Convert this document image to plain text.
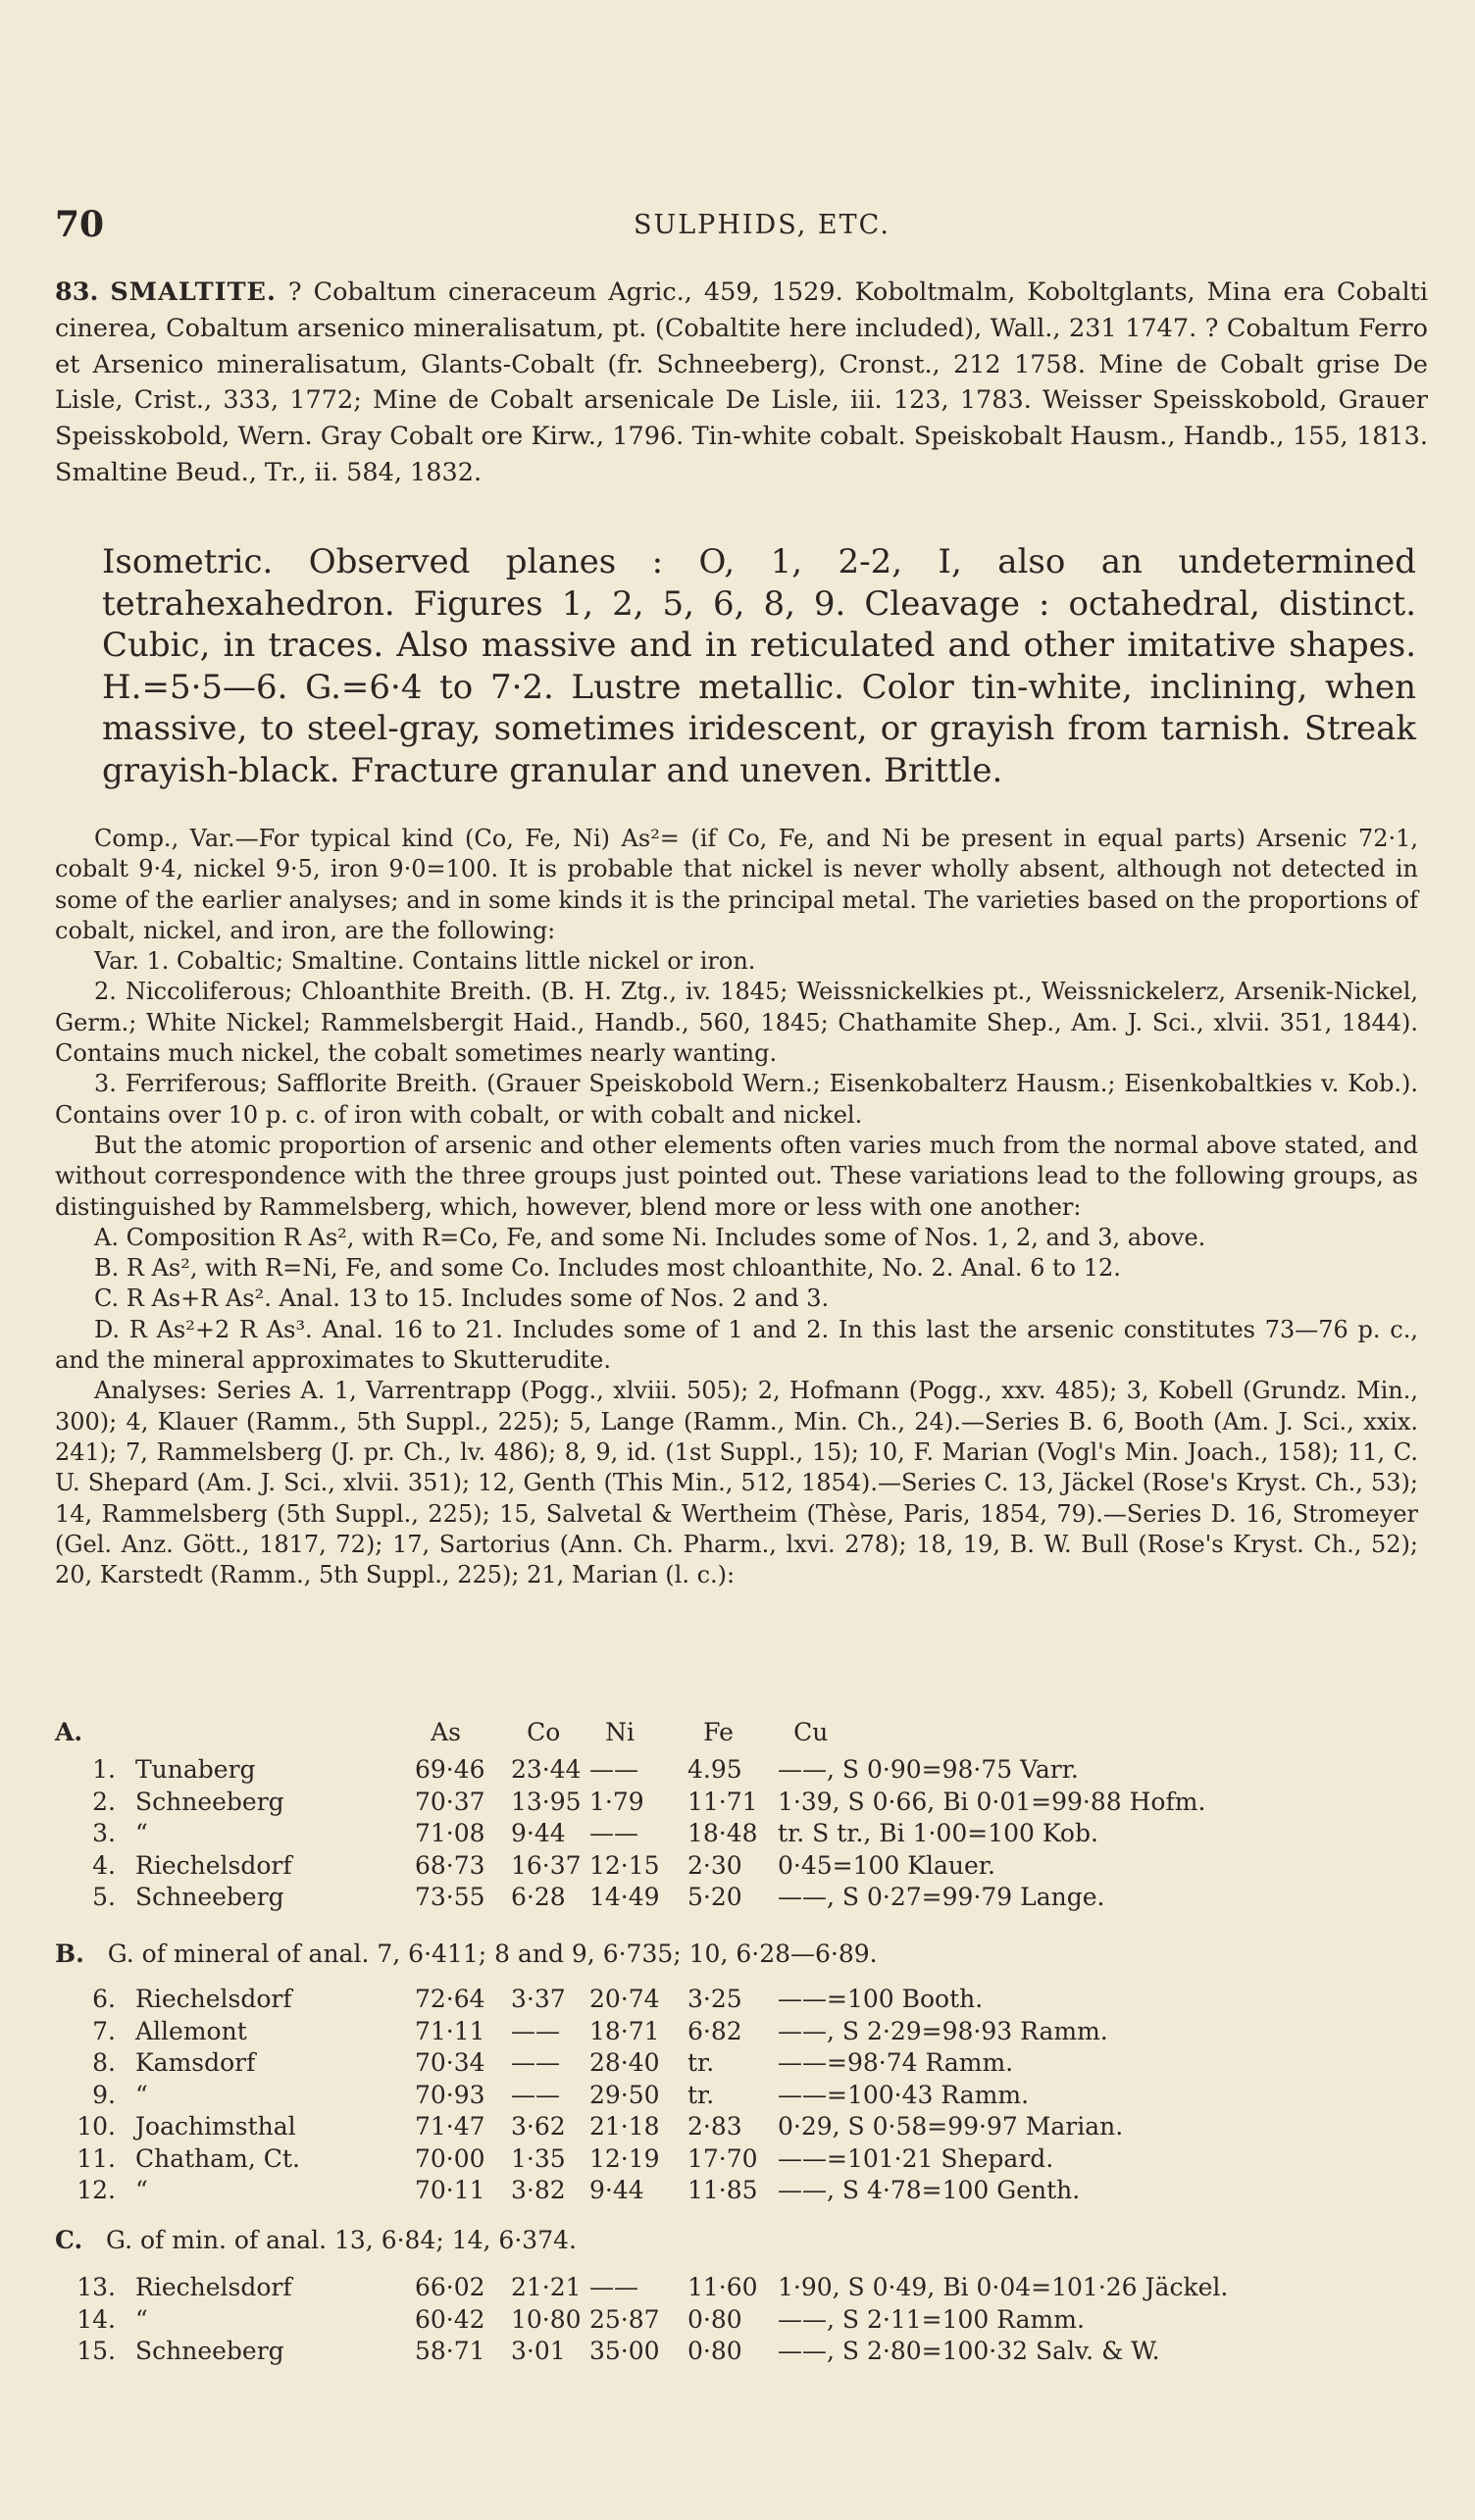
70	SULPHIDS, ETC.
83. SMALTITE. ? Cobaltum cineraceum Agric., 459, 1529. Koboltmalm, Koboltglants, Mina era Cobalti cinerea, Cobaltum arsenico mineralisatum, pt. (Cobaltite here included), Wall., 231 1747. ? Cobaltum Ferro et Arsenico mineralisatum, Glants-Cobalt (fr. Schneeberg), Cronst., 212 1758. Mine de Cobalt grise De Lisle, Crist., 333, 1772; Mine de Cobalt arsenicale De Lisle, iii. 123, 1783. Weisser Speisskobold, Grauer Speisskobold, Wern. Gray Cobalt ore Kirw., 1796. Tin-white cobalt. Speiskobalt Hausm., Handb., 155, 1813. Smaltine Beud., Tr., ii. 584, 1832.
Isometric. Observed planes : O, 1, 2-2, I, also an undetermined tetrahexahedron. Figures 1, 2, 5, 6, 8, 9. Cleavage : octahedral, distinct. Cubic, in traces. Also massive and in reticulated and other imitative shapes. H.=5·5—6. G.=6·4 to 7·2. Lustre metallic. Color tin-white, inclining, when massive, to steel-gray, sometimes iridescent, or grayish from tarnish. Streak grayish-black. Fracture granular and uneven. Brittle.

Comp., Var.—For typical kind (Co, Fe, Ni) As²= (if Co, Fe, and Ni be present in equal parts) Arsenic 72·1, cobalt 9·4, nickel 9·5, iron 9·0=100. It is probable that nickel is never wholly absent, although not detected in some of the earlier analyses; and in some kinds it is the principal metal. The varieties based on the proportions of cobalt, nickel, and iron, are the following:

Var. 1. Cobaltic; Smaltine. Contains little nickel or iron.

2. Niccoliferous; Chloanthite Breith. (B. H. Ztg., iv. 1845; Weissnickelkies pt., Weissnickelerz, Arsenik-Nickel, Germ.; White Nickel; Rammelsbergit Haid., Handb., 560, 1845; Chathamite Shep., Am. J. Sci., xlvii. 351, 1844). Contains much nickel, the cobalt sometimes nearly wanting.

3. Ferriferous; Safflorite Breith. (Grauer Speiskobold Wern.; Eisenkobalterz Hausm.; Eisenkobaltkies v. Kob.). Contains over 10 p. c. of iron with cobalt, or with cobalt and nickel.

But the atomic proportion of arsenic and other elements often varies much from the normal above stated, and without correspondence with the three groups just pointed out. These variations lead to the following groups, as distinguished by Rammelsberg, which, however, blend more or less with one another:

A. Composition R As², with R=Co, Fe, and some Ni. Includes some of Nos. 1, 2, and 3, above.

B. R As², with R=Ni, Fe, and some Co. Includes most chloanthite, No. 2. Anal. 6 to 12.

C. R As+R As². Anal. 13 to 15. Includes some of Nos. 2 and 3.

D. R As²+2 R As³. Anal. 16 to 21. Includes some of 1 and 2. In this last the arsenic constitutes 73—76 p. c., and the mineral approximates to Skutterudite.

Analyses: Series A. 1, Varrentrapp (Pogg., xlviii. 505); 2, Hofmann (Pogg., xxv. 485); 3, Kobell (Grundz. Min., 300); 4, Klauer (Ramm., 5th Suppl., 225); 5, Lange (Ramm., Min. Ch., 24).—Series B. 6, Booth (Am. J. Sci., xxix. 241); 7, Rammelsberg (J. pr. Ch., lv. 486); 8, 9, id. (1st Suppl., 15); 10, F. Marian (Vogl's Min. Joach., 158); 11, C. U. Shepard (Am. J. Sci., xlvii. 351); 12, Genth (This Min., 512, 1854).—Series C. 13, Jäckel (Rose's Kryst. Ch., 53); 14, Rammelsberg (5th Suppl., 225); 15, Salvetal & Wertheim (Thèse, Paris, 1854, 79).—Series D. 16, Stromeyer (Gel. Anz. Gött., 1817, 72); 17, Sartorius (Ann. Ch. Pharm., lxvi. 278); 18, 19, B. W. Bull (Rose's Kryst. Ch., 52); 20, Karstedt (Ramm., 5th Suppl., 225); 21, Marian (l. c.):

A.		As	Co	Ni	Fe	Cu
1.	Tunaberg	69·46	23·44	——	4.95	——, S 0·90=98·75 Varr.
2.	Schneeberg	70·37	13·95	1·79	11·71	1·39, S 0·66, Bi 0·01=99·88 Hofm.
3.	“	71·08	9·44	——	18·48	tr. S tr., Bi 1·00=100 Kob.
4.	Riechelsdorf	68·73	16·37	12·15	2·30	0·45=100 Klauer.
5.	Schneeberg	73·55	6·28	14·49	5·20	——, S 0·27=99·79 Lange.
B. G. of mineral of anal. 7, 6·411; 8 and 9, 6·735; 10, 6·28—6·89.
6.	Riechelsdorf	72·64	3·37	20·74	3·25	——=100 Booth.
7.	Allemont	71·11	——	18·71	6·82	——, S 2·29=98·93 Ramm.
8.	Kamsdorf	70·34	——	28·40	tr.	——=98·74 Ramm.
9.	“	70·93	——	29·50	tr.	——=100·43 Ramm.
10.	Joachimsthal	71·47	3·62	21·18	2·83	0·29, S 0·58=99·97 Marian.
11.	Chatham, Ct.	70·00	1·35	12·19	17·70	——=101·21 Shepard.
12.	“	70·11	3·82	9·44	11·85	——, S 4·78=100 Genth.
C. G. of min. of anal. 13, 6·84; 14, 6·374.
13.	Riechelsdorf	66·02	21·21	——	11·60	1·90, S 0·49, Bi 0·04=101·26 Jäckel.
14.	“	60·42	10·80	25·87	0·80	——, S 2·11=100 Ramm.
15.	Schneeberg	58·71	3·01	35·00	0·80	——, S 2·80=100·32 Salv. & W.
